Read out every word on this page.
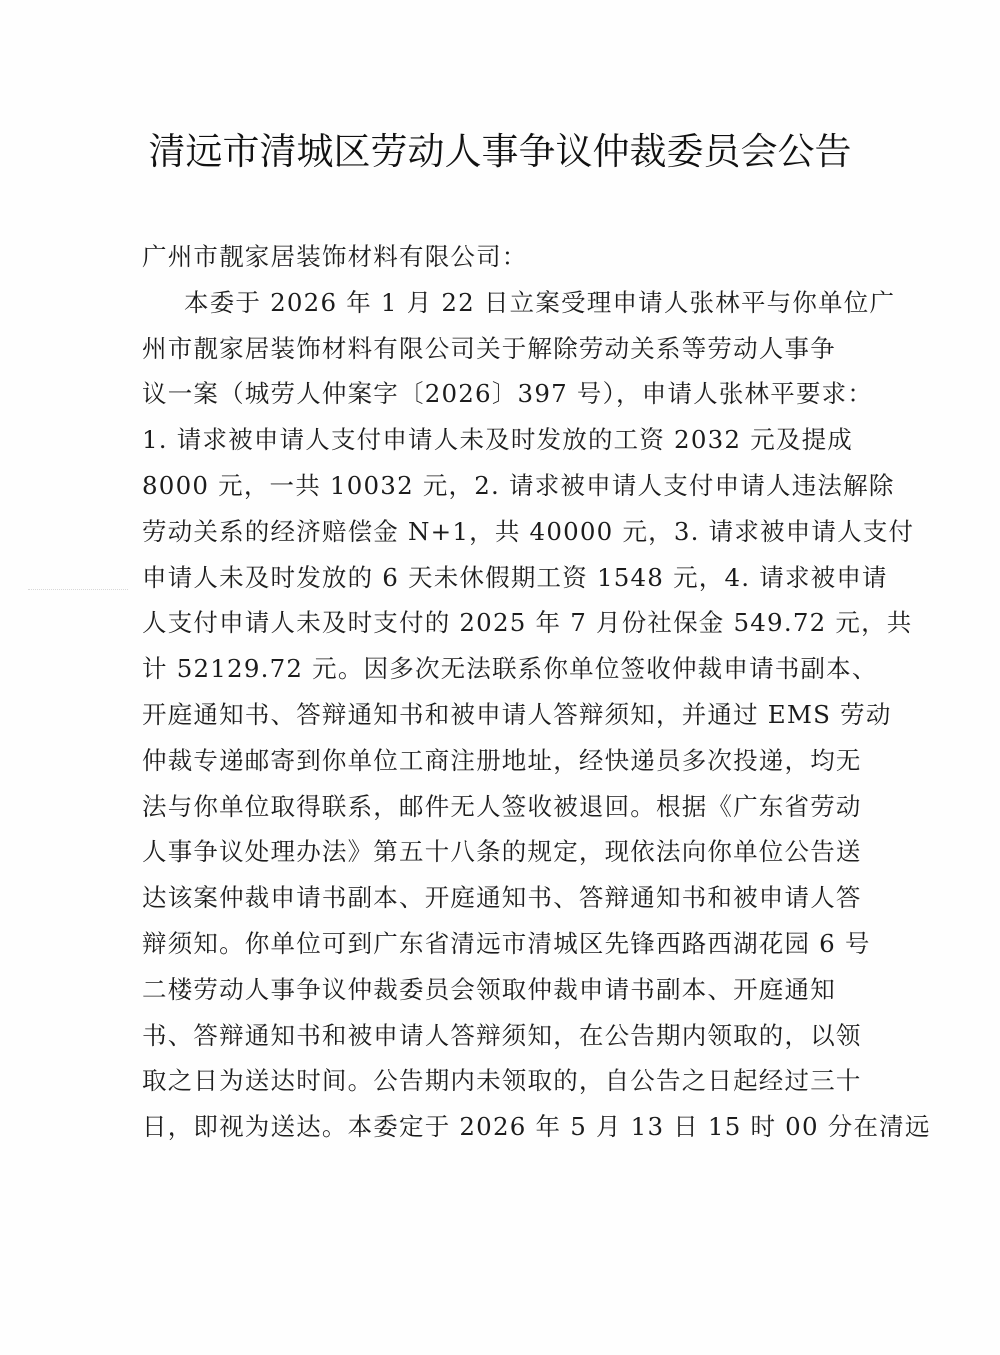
清远市清城区劳动人事争议仲裁委员会公告
广州市靓家居装饰材料有限公司：
本委于 2026 年 1 月 22 日立案受理申请人张林平与你单位广
州市靓家居装饰材料有限公司关于解除劳动关系等劳动人事争
议一案（城劳人仲案字〔2026〕397 号），申请人张林平要求：
1. 请求被申请人支付申请人未及时发放的工资 2032 元及提成
8000 元，一共 10032 元，2. 请求被申请人支付申请人违法解除
劳动关系的经济赔偿金 N+1，共 40000 元，3. 请求被申请人支付
申请人未及时发放的 6 天未休假期工资 1548 元，4. 请求被申请
人支付申请人未及时支付的 2025 年 7 月份社保金 549.72 元，共
计 52129.72 元。因多次无法联系你单位签收仲裁申请书副本、
开庭通知书、答辩通知书和被申请人答辩须知，并通过 EMS 劳动
仲裁专递邮寄到你单位工商注册地址，经快递员多次投递，均无
法与你单位取得联系，邮件无人签收被退回。根据《广东省劳动
人事争议处理办法》第五十八条的规定，现依法向你单位公告送
达该案仲裁申请书副本、开庭通知书、答辩通知书和被申请人答
辩须知。你单位可到广东省清远市清城区先锋西路西湖花园 6 号
二楼劳动人事争议仲裁委员会领取仲裁申请书副本、开庭通知
书、答辩通知书和被申请人答辩须知，在公告期内领取的，以领
取之日为送达时间。公告期内未领取的，自公告之日起经过三十
日，即视为送达。本委定于 2026 年 5 月 13 日 15 时 00 分在清远
